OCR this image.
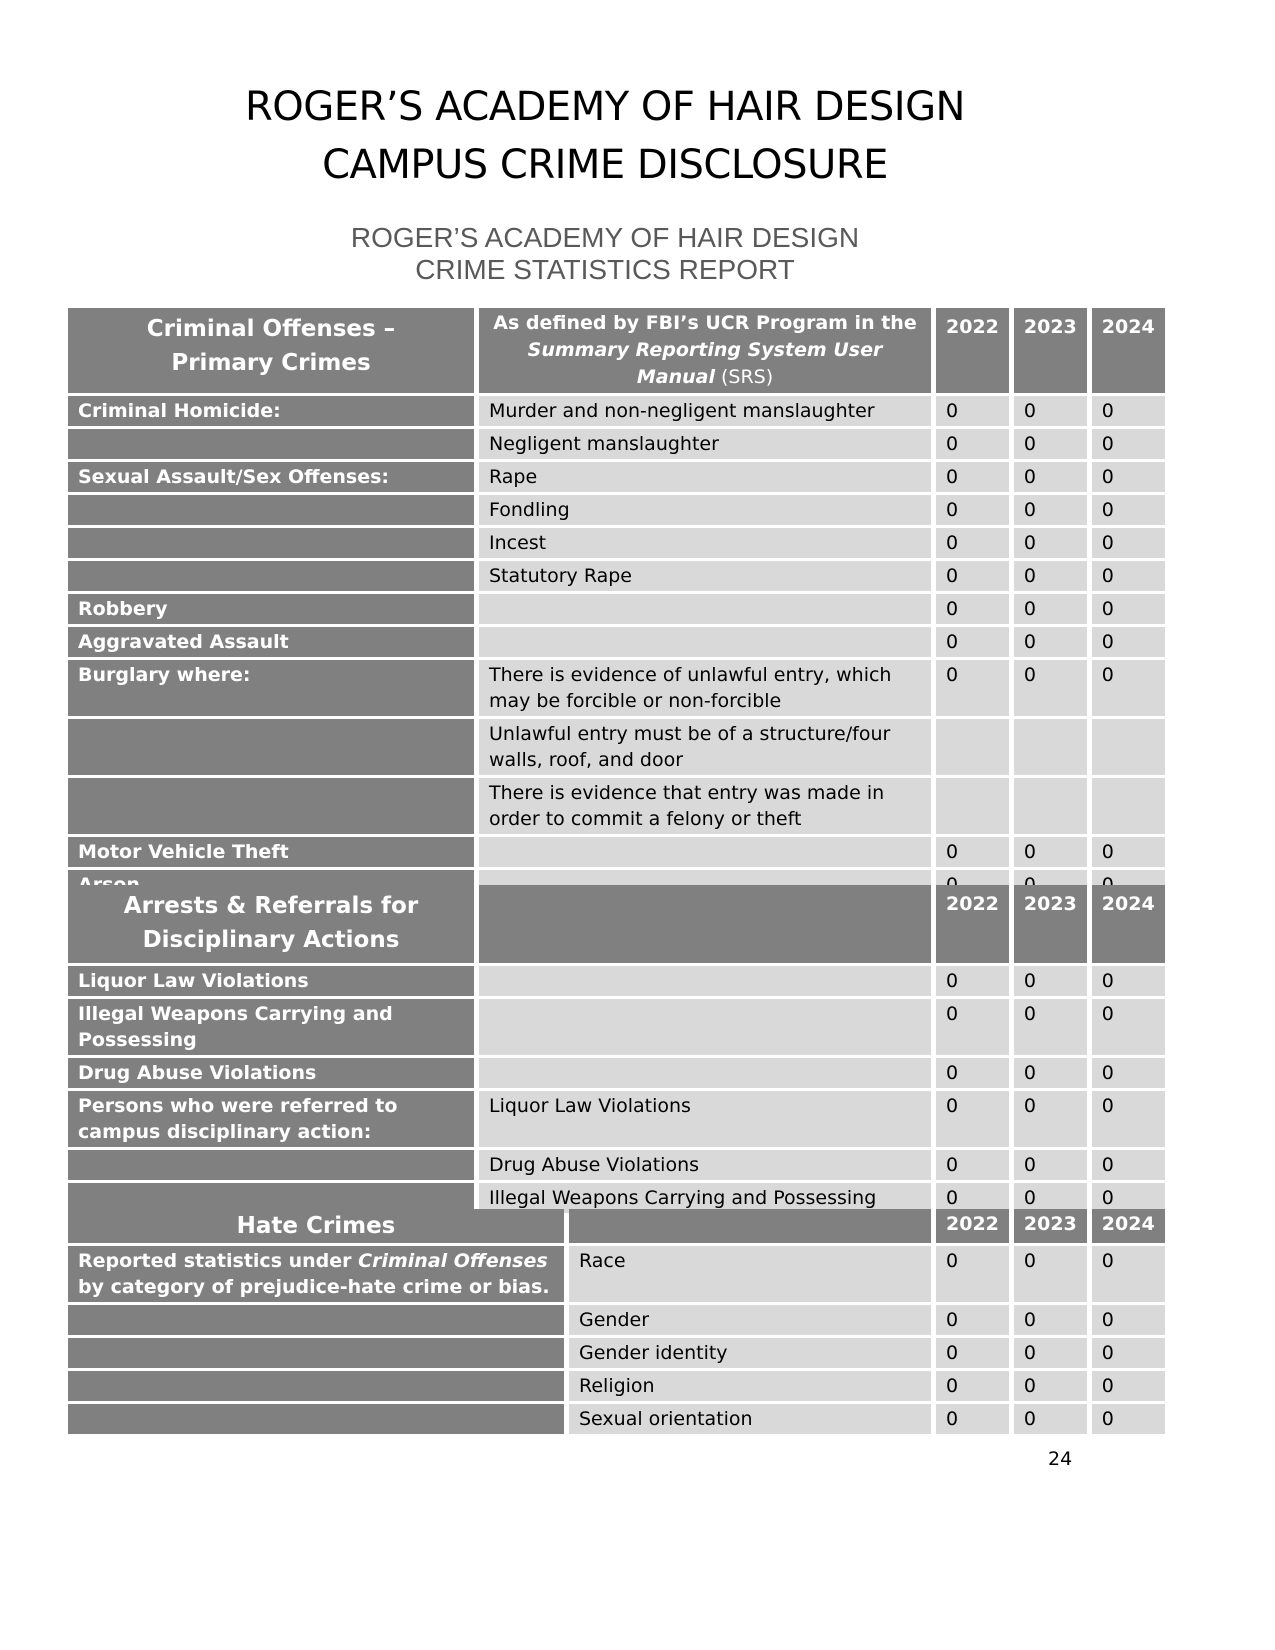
ROGER’S ACADEMY OF HAIR DESIGN
CAMPUS CRIME DISCLOSURE
ROGER’S ACADEMY OF HAIR DESIGN
CRIME STATISTICS REPORT
Criminal Offenses –
Primary Crimes

As defined by FBI’s UCR Program in the
Summary Reporting System User Manual (SRS)
	2022	2023	2024
Criminal Homicide:	Murder and non-negligent manslaughter	0	0	0
	Negligent manslaughter	0	0	0
Sexual Assault/Sex Offenses:	Rape	0	0	0
	Fondling	0	0	0
	Incest	0	0	0
	Statutory Rape	0	0	0
Robbery		0	0	0
Aggravated Assault		0	0	0
Burglary where:	There is evidence of unlawful entry, which may be forcible or non-forcible	0	0	0
	Unlawful entry must be of a structure/four walls, roof, and door			
	There is evidence that entry was made in order to commit a felony or theft			
Motor Vehicle Theft		0	0	0

Arrests & Referrals for
Disciplinary Actions		2022	2023	2024
Liquor Law Violations		0	0	0
Illegal Weapons Carrying and Possessing		0	0	0
Drug Abuse Violations		0	0	0
Persons who were referred to campus disciplinary action:	Liquor Law Violations	0	0	0
	Drug Abuse Violations	0	0	0
	Illegal Weapons Carrying and Possessing	0	0	0
Hate Crimes		2022	2023	2024
Reported statistics under Criminal Offenses by category of prejudice-hate crime or bias.	Race	0	0	0
	Gender	0	0	0
	Gender identity	0	0	0
	Religion	0	0	0
	Sexual orientation	0	0	0
24
